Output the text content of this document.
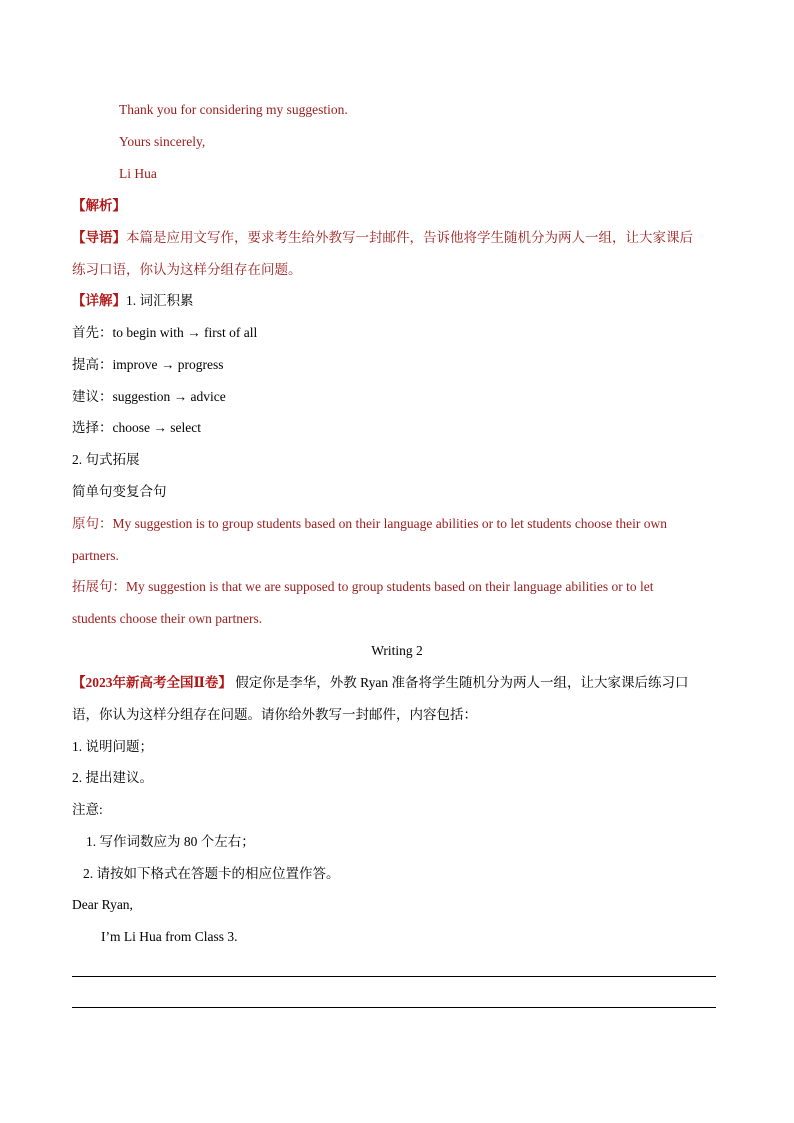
Thank you for considering my suggestion.
Yours sincerely,
Li Hua
【解析】
【导语】本篇是应用文写作，要求考生给外教写一封邮件，告诉他将学生随机分为两人一组，让大家课后
练习口语，你认为这样分组存在问题。
【详解】1. 词汇积累
首先：to begin with → first of all
提高：improve → progress
建议：suggestion → advice
选择：choose → select
2. 句式拓展
简单句变复合句
原句：My suggestion is to group students based on their language abilities or to let students choose their own
partners.
拓展句：My suggestion is that we are supposed to group students based on their language abilities or to let
students choose their own partners.
Writing 2
【2023年新高考全国Ⅱ卷】 假定你是李华，外教 Ryan 准备将学生随机分为两人一组，让大家课后练习口
语，你认为这样分组存在问题。请你给外教写一封邮件，内容包括：
1. 说明问题；
2. 提出建议。
注意:
1. 写作词数应为 80 个左右；
2. 请按如下格式在答题卡的相应位置作答。
Dear Ryan,
I’m Li Hua from Class 3.
